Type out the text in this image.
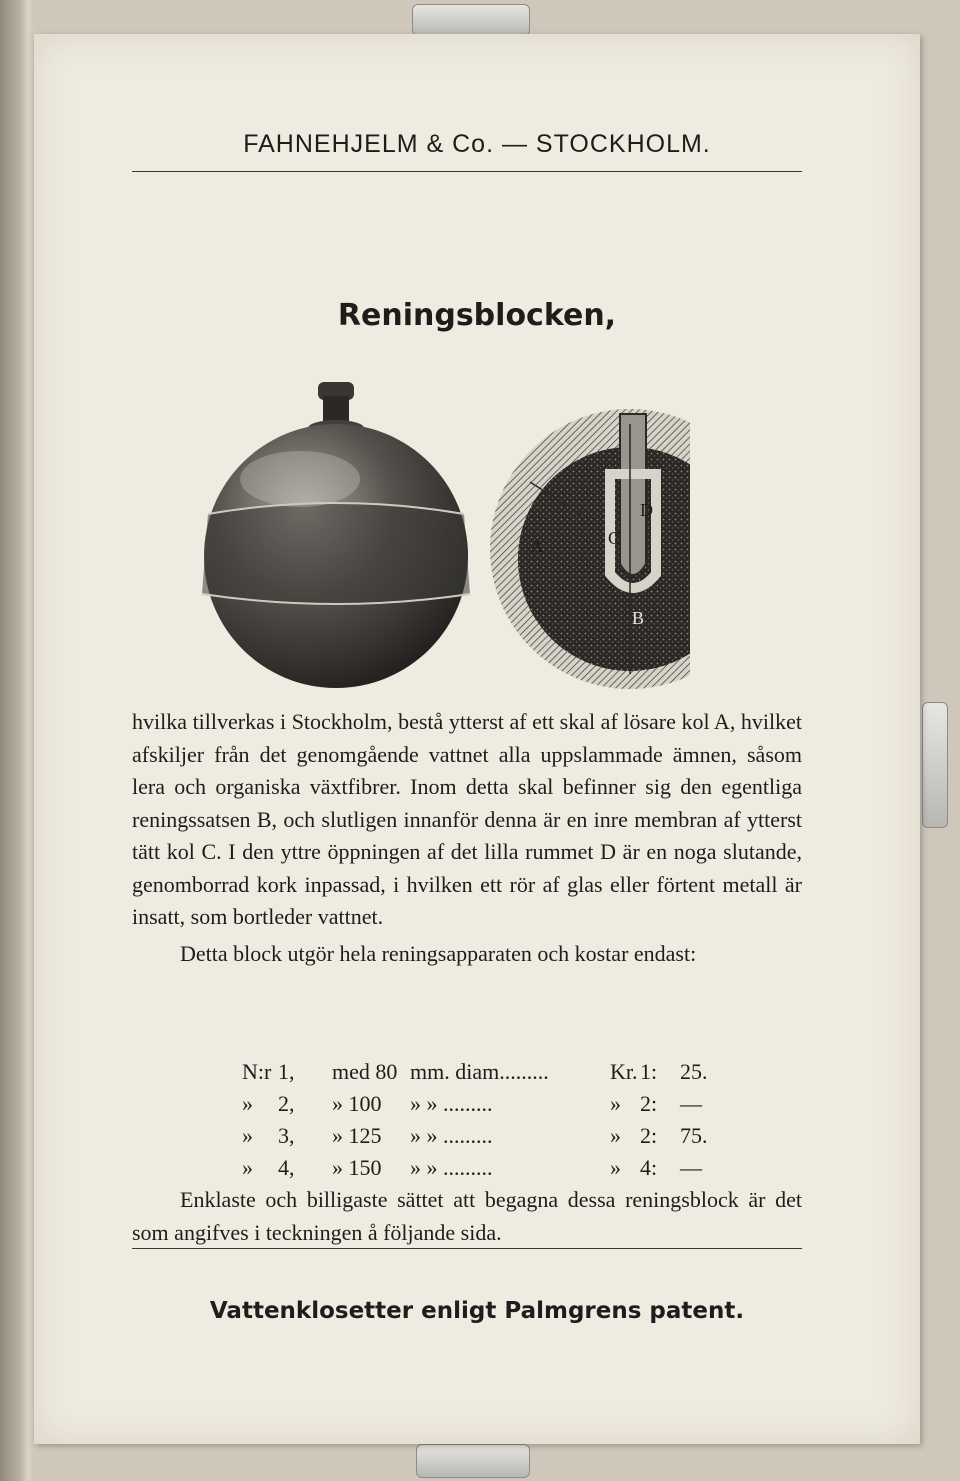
FAHNEHJELM & Co. — STOCKHOLM.
Reningsblocken,
A
B
C
D

hvilka tillverkas i Stockholm, bestå ytterst af ett skal af lösare kol A, hvilket afskiljer från det genomgående vattnet alla uppslammade ämnen, såsom lera och organiska växtfibrer. Inom detta skal befinner sig den egentliga reningssatsen B, och slutligen innanför denna är en inre membran af ytterst tätt kol C. I den yttre öppningen af det lilla rummet D är en noga slutande, genomborrad kork inpassad, i hvilken ett rör af glas eller förtent metall är insatt, som bortleder vattnet.

Detta block utgör hela reningsapparaten och kostar endast:

N:r 1,	med 80 mm. diam.........	Kr. 1:	25.
»	2,	» 100	» » .........	» 2:	—
»	3,	» 125	» » .........	» 2:	75.
»	4,	» 150	» » .........	» 4:	—

Enklaste och billigaste sättet att begagna dessa reningsblock är det som angifves i teckningen å följande sida.

Vattenklosetter enligt Palmgrens patent.
